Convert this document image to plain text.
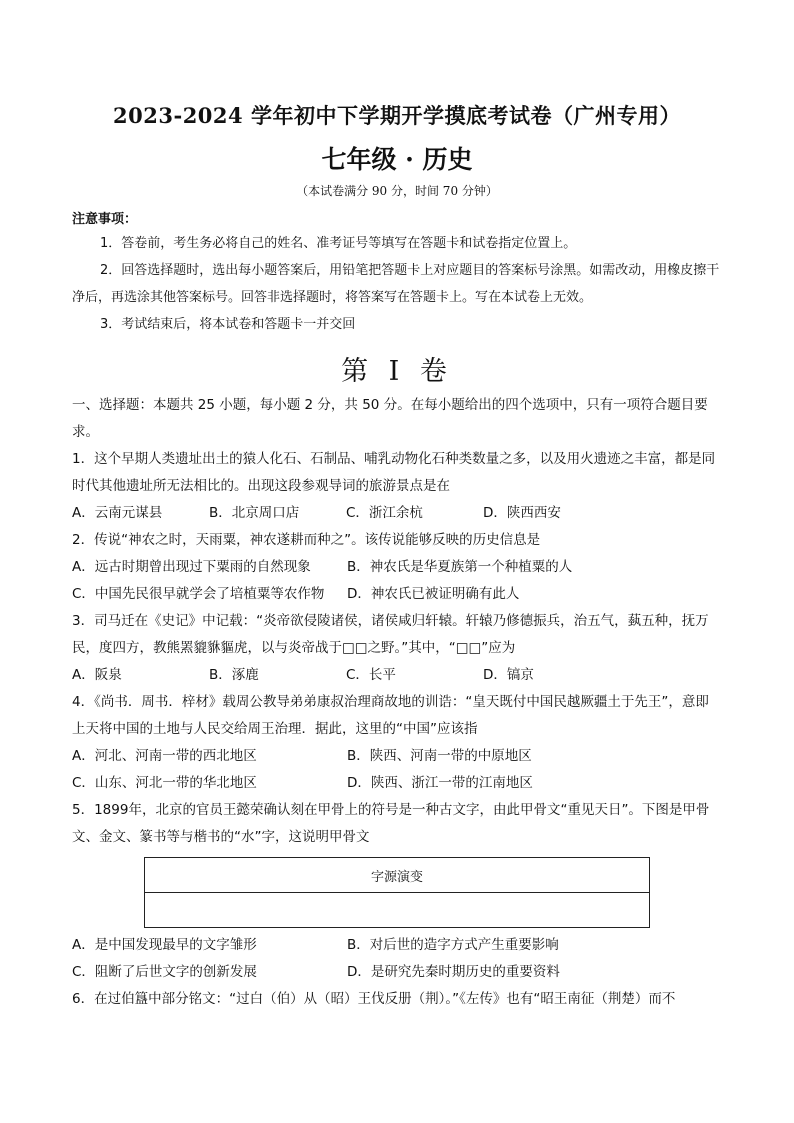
2023-2024 学年初中下学期开学摸底考试卷（广州专用）
七年级 · 历史
（本试卷满分 90 分，时间 70 分钟）
注意事项：
1．答卷前，考生务必将自己的姓名、准考证号等填写在答题卡和试卷指定位置上。
2．回答选择题时，选出每小题答案后，用铅笔把答题卡上对应题目的答案标号涂黑。如需改动，用橡皮擦干净后，再选涂其他答案标号。回答非选择题时，将答案写在答题卡上。写在本试卷上无效。
3．考试结束后，将本试卷和答题卡一并交回
第 I 卷
一、选择题：本题共 25 小题，每小题 2 分，共 50 分。在每小题给出的四个选项中，只有一项符合题目要求。
1．这个早期人类遗址出土的猿人化石、石制品、哺乳动物化石种类数量之多，以及用火遗迹之丰富，都是同时代其他遗址所无法相比的。出现这段参观导词的旅游景点是在
A．云南元谋县	B．北京周口店	C．浙江余杭	D．陕西西安
2．传说“神农之时，天雨粟，神农遂耕而种之”。该传说能够反映的历史信息是
A．远古时期曾出现过下粟雨的自然现象	B．神农氏是华夏族第一个种植粟的人
C．中国先民很早就学会了培植粟等农作物	D．神农氏已被证明确有此人
3．司马迁在《史记》中记载：“炎帝欲侵陵诸侯，诸侯咸归轩辕。轩辕乃修德振兵，治五气，蓺五种，抚万民，度四方，教熊罴貔貅貙虎，以与炎帝战于□□之野。”其中，“□□”应为
A．阪泉	B．涿鹿	C．长平	D．镐京
4．《尚书．周书．梓材》载周公教导弟弟康叔治理商故地的训诰：“皇天既付中国民越厥疆土于先王”，意即上天将中国的土地与人民交给周王治理．据此，这里的“中国”应该指
A．河北、河南一带的西北地区	B．陕西、河南一带的中原地区
C．山东、河北一带的华北地区	D．陕西、浙江一带的江南地区
5．1899年，北京的官员王懿荣确认刻在甲骨上的符号是一种古文字，由此甲骨文“重见天日”。下图是甲骨文、金文、篆书等与楷书的“水”字，这说明甲骨文
字源演变

A．是中国发现最早的文字雏形	B．对后世的造字方式产生重要影响
C．阻断了后世文字的创新发展	D．是研究先秦时期历史的重要资料
6．在过伯簋中部分铭文：“过白（伯）从（昭）王伐反册（荆）。”《左传》也有“昭王南征（荆楚）而不
